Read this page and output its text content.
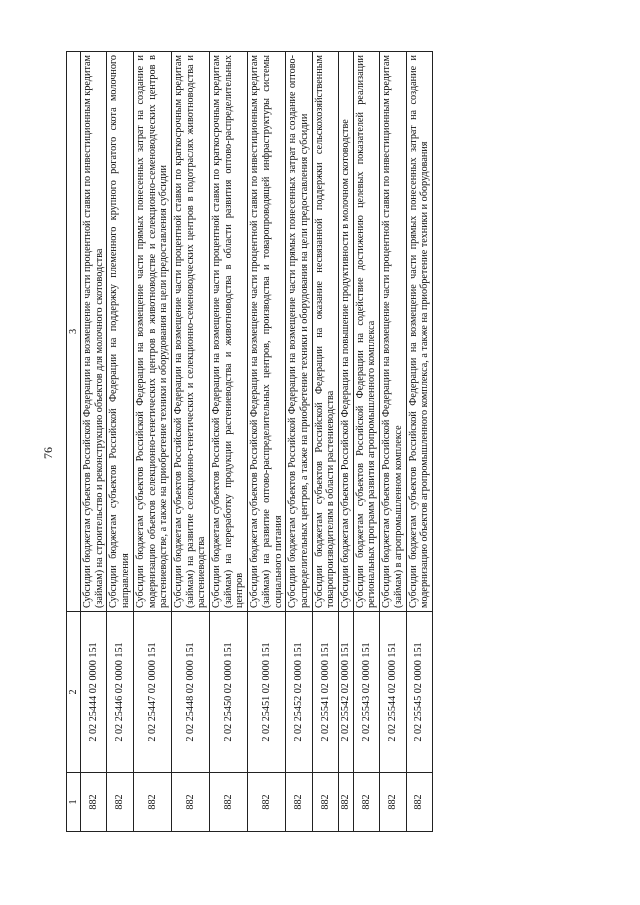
76
1	2	3
882	2 02 25444 02 0000 151	Субсидии бюджетам субъектов Российской Федерации на возмещение части процентной ставки по инвестиционным кредитам (займам) на строительство и реконструкцию объектов для молочного скотоводства
882	2 02 25446 02 0000 151	Субсидии бюджетам субъектов Российской Федерации на поддержку племенного крупного рогатого скота молочного направления
882	2 02 25447 02 0000 151	Субсидии бюджетам субъектов Российской Федерации на возмещение части прямых понесенных затрат на создание и модернизацию объектов селекционно-генетических центров в животноводстве и селекционно-семеноводческих центров в растениеводстве, а также на приобретение техники и оборудования на цели предоставления субсидии
882	2 02 25448 02 0000 151	Субсидии бюджетам субъектов Российской Федерации на возмещение части процентной ставки по краткосрочным кредитам (займам) на развитие селекционно-генетических и селекционно-семеноводческих центров в подотраслях животноводства и растениеводства
882	2 02 25450 02 0000 151	Субсидии бюджетам субъектов Российской Федерации на возмещение части процентной ставки по краткосрочным кредитам (займам) на переработку продукции растениеводства и животноводства в области развития оптово-распределительных центров
882	2 02 25451 02 0000 151	Субсидии бюджетам субъектов Российской Федерации на возмещение части процентной ставки по инвестиционным кредитам (займам) на развитие оптово-распределительных центров, производства и товаропроводящей инфраструктуры системы социального питания
882	2 02 25452 02 0000 151	Субсидии бюджетам субъектов Российской Федерации на возмещение части прямых понесенных затрат на создание оптово-распределительных центров, а также на приобретение техники и оборудования на цели предоставления субсидии
882	2 02 25541 02 0000 151	Субсидии бюджетам субъектов Российской Федерации на оказание несвязанной поддержки сельскохозяйственным товаропроизводителям в области растениеводства
882	2 02 25542 02 0000 151	Субсидии бюджетам субъектов Российской Федерации на повышение продуктивности в молочном скотоводстве
882	2 02 25543 02 0000 151	Субсидии бюджетам субъектов Российской Федерации на содействие достижению целевых показателей реализации региональных программ развития агропромышленного комплекса
882	2 02 25544 02 0000 151	Субсидии бюджетам субъектов Российской Федерации на возмещение части процентной ставки по инвестиционным кредитам (займам) в агропромышленном комплексе
882	2 02 25545 02 0000 151	Субсидии бюджетам субъектов Российской Федерации на возмещение части прямых понесенных затрат на создание и модернизацию объектов агропромышленного комплекса, а также на приобретение техники и оборудования
